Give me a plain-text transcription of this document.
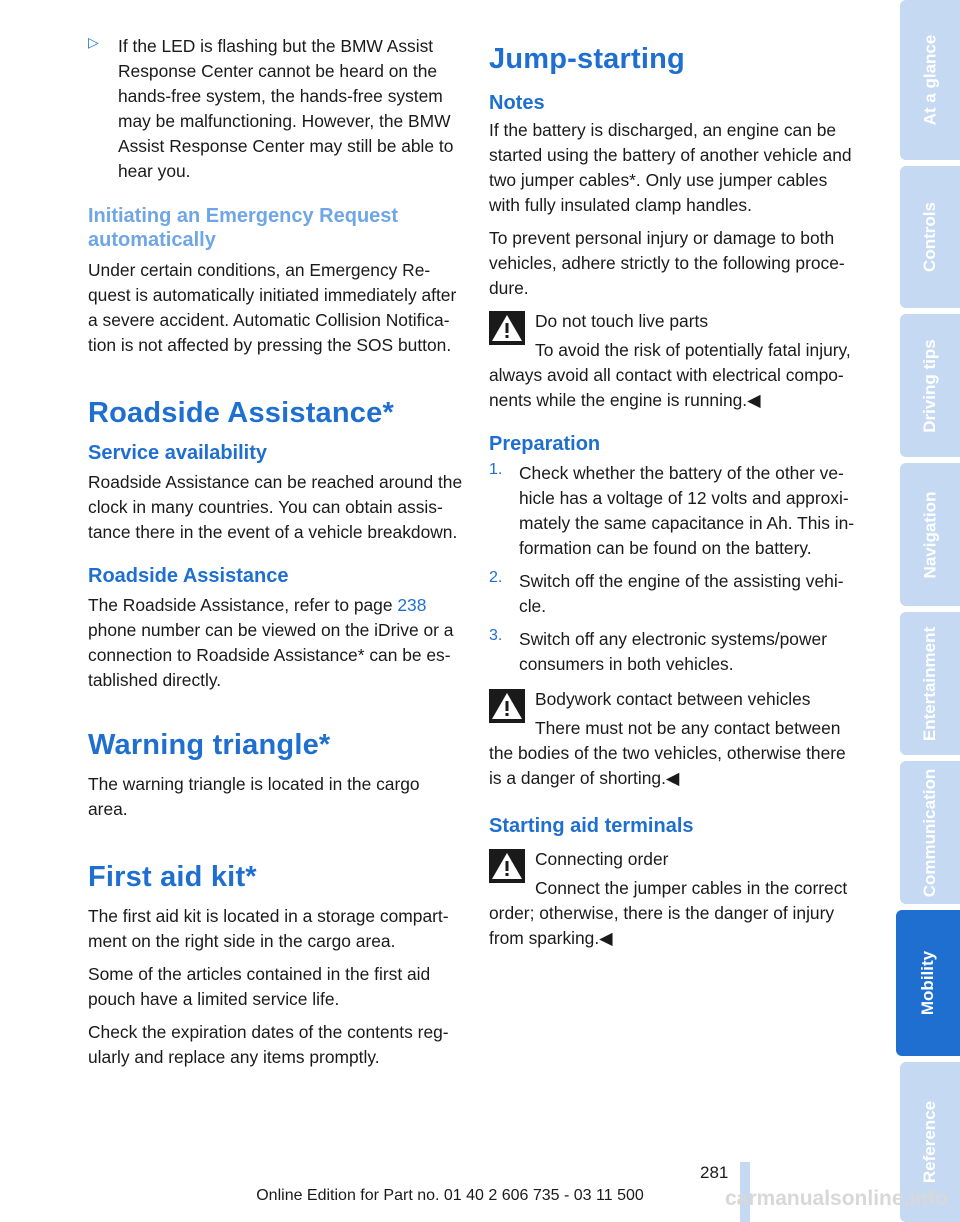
▷ If the LED is flashing but the BMW Assist Response Center cannot be heard on the hands-free system, the hands-free system may be malfunctioning. However, the BMW Assist Response Center may still be able to hear you.

Initiating an Emergency Request automatically

Under certain conditions, an Emergency Re-quest is automatically initiated immediately after a severe accident. Automatic Collision Notifica-tion is not affected by pressing the SOS button.

Roadside Assistance*
Service availability

Roadside Assistance can be reached around the clock in many countries. You can obtain assis-tance there in the event of a vehicle breakdown.

Roadside Assistance

The Roadside Assistance, refer to page 238 phone number can be viewed on the iDrive or a connection to Roadside Assistance* can be es-tablished directly.

Warning triangle*

The warning triangle is located in the cargo area.

First aid kit*

The first aid kit is located in a storage compart-ment on the right side in the cargo area.

Some of the articles contained in the first aid pouch have a limited service life.

Check the expiration dates of the contents reg-ularly and replace any items promptly.

Jump-starting
Notes

If the battery is discharged, an engine can be started using the battery of another vehicle and two jumper cables*. Only use jumper cables with fully insulated clamp handles.

To prevent personal injury or damage to both vehicles, adhere strictly to the following proce-dure.

Do not touch live parts

To avoid the risk of potentially fatal injury, always avoid all contact with electrical compo-nents while the engine is running.◀

Preparation
1. Check whether the battery of the other ve-hicle has a voltage of 12 volts and approxi-mately the same capacitance in Ah. This in-formation can be found on the battery.

2. Switch off the engine of the assisting vehi-cle.

3. Switch off any electronic systems/power consumers in both vehicles.

Bodywork contact between vehicles

There must not be any contact between the bodies of the two vehicles, otherwise there is a danger of shorting.◀

Starting aid terminals

Connecting order

Connect the jumper cables in the correct order; otherwise, there is the danger of injury from sparking.◀

At a glance
Controls
Driving tips
Navigation
Entertainment
Communication
Mobility
Reference
281
Online Edition for Part no. 01 40 2 606 735 - 03 11 500	carmanualsonline.info
